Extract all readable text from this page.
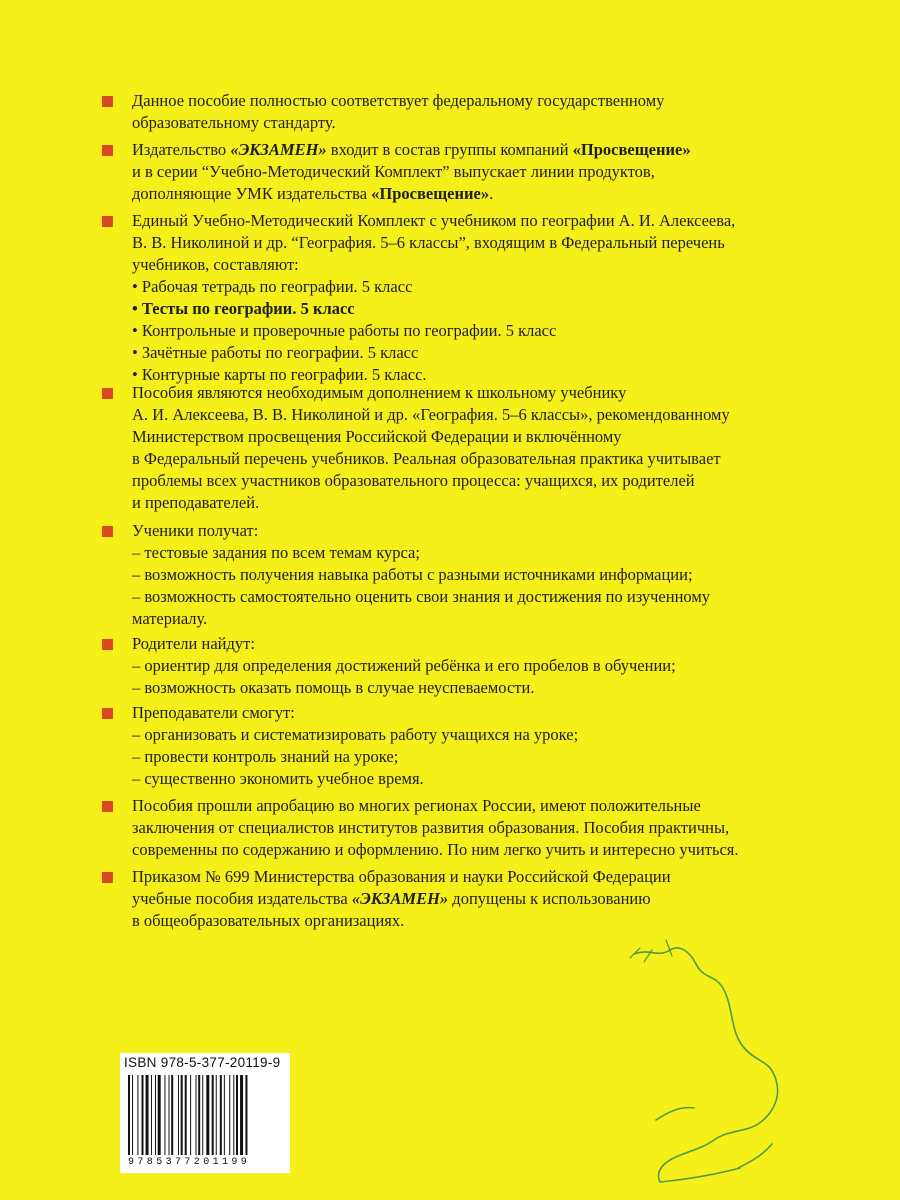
Данное пособие полностью соответствует федеральному государственному
образовательному стандарту.
Издательство «ЭКЗАМЕН» входит в состав группы компаний «Просвещение»
и в серии “Учебно-Методический Комплект” выпускает линии продуктов,
дополняющие УМК издательства «Просвещение».
Единый Учебно-Методический Комплект с учебником по географии А. И. Алексеева,
В. В. Николиной и др. “География. 5–6 классы”, входящим в Федеральный перечень
учебников, составляют:
• Рабочая тетрадь по географии. 5 класс
• Тесты по географии. 5 класс
• Контрольные и проверочные работы по географии. 5 класс
• Зачётные работы по географии. 5 класс
• Контурные карты по географии. 5 класс.
Пособия являются необходимым дополнением к школьному учебнику
А. И. Алексеева, В. В. Николиной и др. «География. 5–6 классы», рекомендованному
Министерством просвещения Российской Федерации и включённому
в Федеральный перечень учебников. Реальная образовательная практика учитывает
проблемы всех участников образовательного процесса: учащихся, их родителей
и преподавателей.
Ученики получат:
– тестовые задания по всем темам курса;
– возможность получения навыка работы с разными источниками информации;
– возможность самостоятельно оценить свои знания и достижения по изученному
материалу.
Родители найдут:
– ориентир для определения достижений ребёнка и его пробелов в обучении;
– возможность оказать помощь в случае неуспеваемости.
Преподаватели смогут:
– организовать и систематизировать работу учащихся на уроке;
– провести контроль знаний на уроке;
– существенно экономить учебное время.
Пособия прошли апробацию во многих регионах России, имеют положительные
заключения от специалистов институтов развития образования. Пособия практичны,
современны по содержанию и оформлению. По ним легко учить и интересно учиться.
Приказом № 699 Министерства образования и науки Российской Федерации
учебные пособия издательства «ЭКЗАМЕН» допущены к использованию
в общеобразовательных организациях.
ISBN 978-5-377-20119-9
9785377201199
